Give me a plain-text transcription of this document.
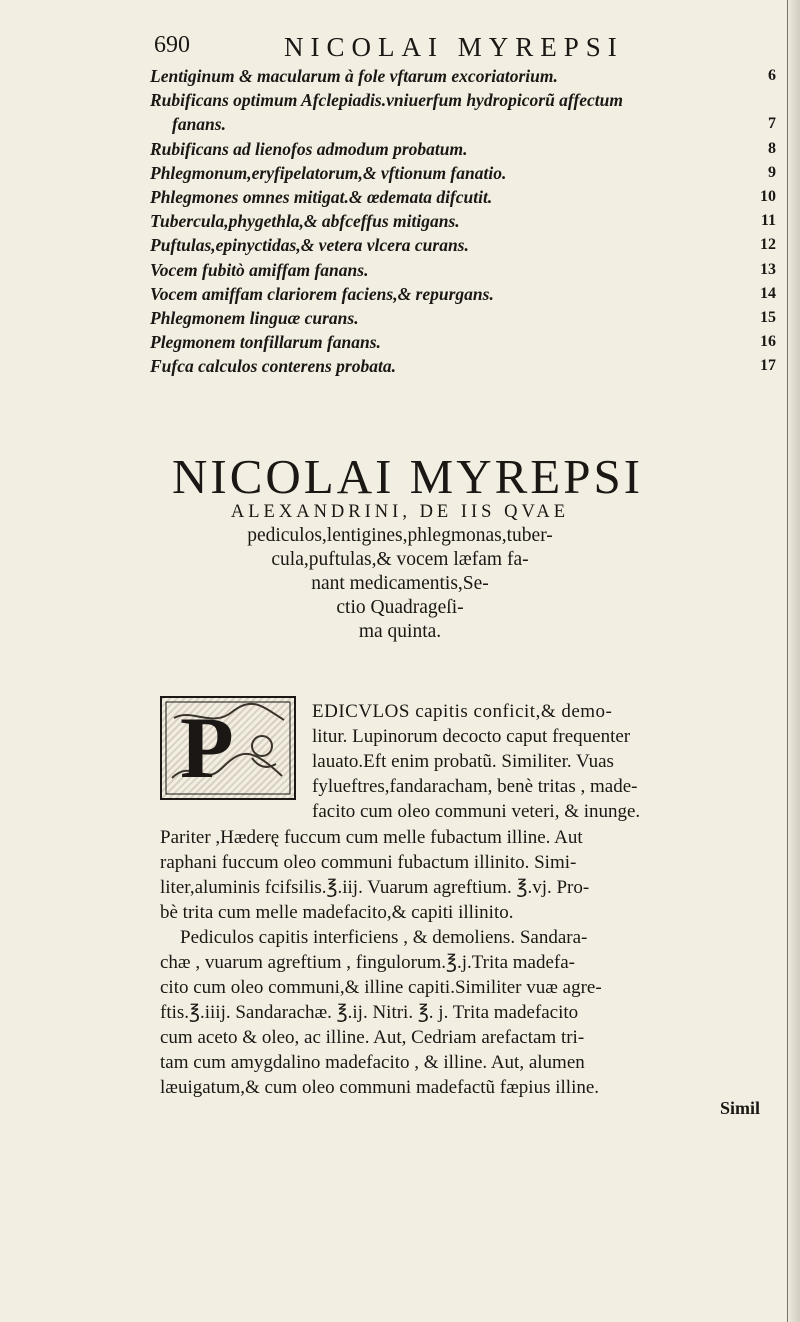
690	NICOLAI MYREPSI
Lentiginum & macularum à fole vftarum excoriatorium.	6
Rubificans optimum Afclepiadis.vniuerfum hydropicorũ affectum
fanans.	7
Rubificans ad lienofos admodum probatum.	8
Phlegmonum,eryfipelatorum,& vftionum fanatio.	9
Phlegmones omnes mitigat.& œdemata difcutit.	10
Tubercula,phygethla,& abfceffus mitigans.	11
Puftulas,epinyctidas,& vetera vlcera curans.	12
Vocem fubitò amiffam fanans.	13
Vocem amiffam clariorem faciens,& repurgans.	14
Phlegmonem linguæ curans.	15
Plegmonem tonfillarum fanans.	16
Fufca calculos conterens probata.	17
NICOLAI MYREPSI
ALEXANDRINI, DE IIS QVAE
pediculos,lentigines,phlegmonas,tuber-
cula,puftulas,& vocem læfam fa-
nant medicamentis,Se-
ctio Quadrageſi-
ma quinta.
P	EDICVLOS capitis conficit,& demo-
litur. Lupinorum decocto caput frequenter
lauato.Eft enim probatũ. Similiter. Vuas
fylueftres,fandaracham, benè tritas , made-
facito cum oleo communi veteri, & inunge.
Pariter ,Hæderę fuccum cum melle fubactum illine. Aut
raphani fuccum oleo communi fubactum illinito. Simi-
liter,aluminis fcifsilis.℥.iij. Vuarum agreftium. ℥.vj. Pro-
bè trita cum melle madefacito,& capiti illinito.
Pediculos capitis interficiens , & demoliens. Sandara-
chæ , vuarum agreftium , fingulorum.℥.j.Trita madefa-
cito cum oleo communi,& illine capiti.Similiter vuæ agre-
ftis.℥.iiij. Sandarachæ. ℥.ij. Nitri. ℥. j. Trita madefacito
cum aceto & oleo, ac illine. Aut, Cedriam arefactam tri-
tam cum amygdalino madefacito , & illine. Aut, alumen
læuigatum,& cum oleo communi madefactũ fæpius illine.
Simil
